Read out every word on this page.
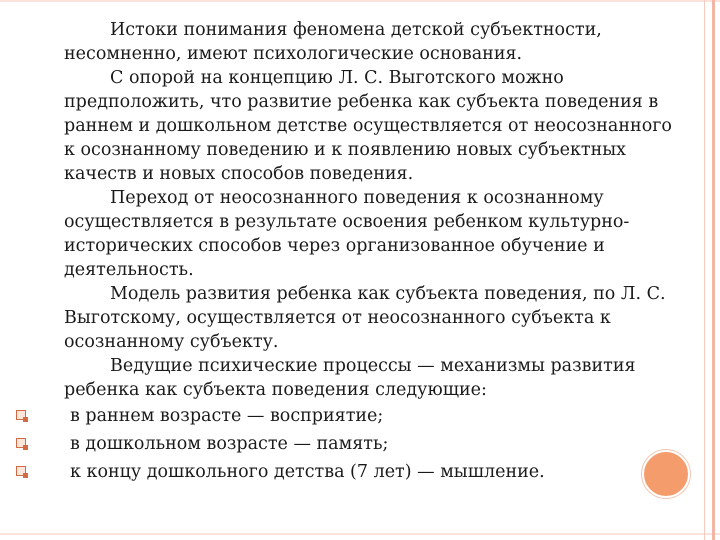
Истоки понимания феномена детской субъектности, несомненно, имеют психологические основания.

С опорой на концепцию Л. С. Выготского можно предположить, что развитие ребенка как субъекта поведения в раннем и дошкольном детстве осуществляется от неосознанного к осознанному поведению и к появлению новых субъектных качеств и новых способов поведения.

Переход от неосознанного поведения к осознанному осуществляется в результате освоения ребенком культурно-исторических способов через организованное обучение и деятельность.

Модель развития ребенка как субъекта поведения, по Л. С. Выготскому, осуществляется от неосознанного субъекта к осознанному субъекту.

Ведущие психические процессы — механизмы развития ребенка как субъекта поведения следующие:

в раннем возрасте — восприятие;
в дошкольном возрасте — память;
к концу дошкольного детства (7 лет) — мышление.
